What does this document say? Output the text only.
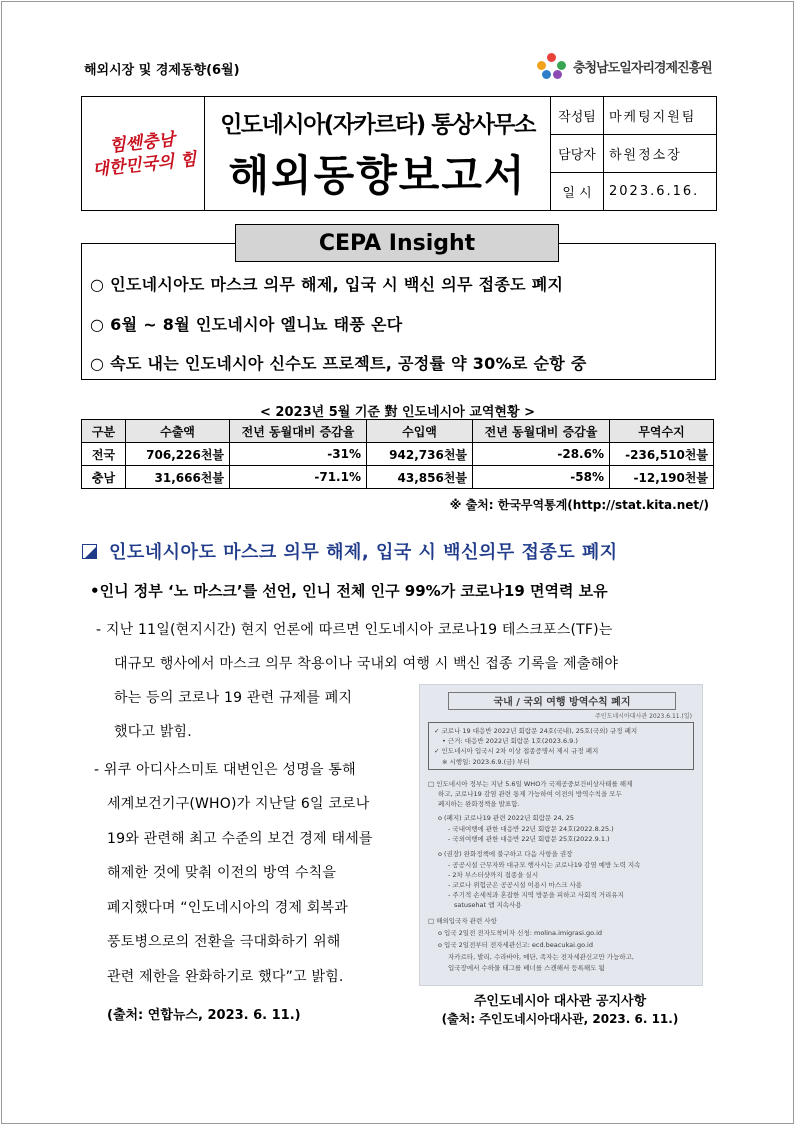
해외시장 및 경제동향(6월)	충청남도일자리경제진흥원
힘쎈충남
대한민국의 힘
인도네시아(자카르타) 통상사무소
해외동향보고서
작성팀	마케팅지원팀
담당자	하원정소장
일 시	2023.6.16.
CEPA Insight
○ 인도네시아도 마스크 의무 해제, 입국 시 백신 의무 접종도 폐지
○ 6월 ~ 8월 인도네시아 엘니뇨 태풍 온다
○ 속도 내는 인도네시아 신수도 프로젝트, 공정률 약 30%로 순항 중
< 2023년 5월 기준 對 인도네시아 교역현황 >
구분	수출액	전년 동월대비 증감율	수입액	전년 동월대비 증감율	무역수지
전국	706,226천불	-31%	942,736천불	-28.6%	-236,510천불
충남	31,666천불	-71.1%	43,856천불	-58%	-12,190천불
※ 출처: 한국무역통계(http://stat.kita.net/)
인도네시아도 마스크 의무 해제, 입국 시 백신의무 접종도 폐지
•인니 정부 ‘노 마스크’를 선언, 인니 전체 인구 99%가 코로나19 면역력 보유
- 지난 11일(현지시간) 현지 언론에 따르면 인도네시아 코로나19 테스크포스(TF)는
대규모 행사에서 마스크 의무 착용이나 국내외 여행 시 백신 접종 기록을 제출해야
하는 등의 코로나 19 관련 규제를 폐지
했다고 밝힘.
- 위쿠 아디사스미토 대변인은 성명을 통해
세계보건기구(WHO)가 지난달 6일 코로나
19와 관련해 최고 수준의 보건 경제 태세를
해제한 것에 맞춰 이전의 방역 수칙을
폐지했다며 “인도네시아의 경제 회복과
풍토병으로의 전환을 극대화하기 위해
관련 제한을 완화하기로 했다”고 밝힘.
(출처: 연합뉴스, 2023. 6. 11.)
국내 / 국외 여행 방역수칙 폐지
주인도네시아대사관 2023.6.11.(일)
✓ 코로나 19 대응반 2022년 회람문 24호(국내), 25호(국외) 규정 폐지
• 근거: 대응반 2022년 회람문 1호(2023.6.9.)
✓ 인도네시아 입국시 2차 이상 접종증명서 제시 규정 폐지
※ 시행일: 2023.6.9.(금) 부터
□ 인도네시아 정부는 지난 5.6일 WHO가 국제공중보건비상사태를 해제
하고, 코로나19 감염 관련 통제 가능하여 이전의 방역수칙을 모두
폐지하는 완화정책을 발표함.
o (폐지) 코로나19 관련 2022년 회람문 24, 25
- 국내여행에 관한 대응반 22년 회람문 24호(2022.8.25.)
- 국외여행에 관한 대응반 22년 회람문 25호(2022.9.1.)
o (권장) 완화정책에 불구하고 다음 사항을 권장
- 공공시설 근무자와 대규모 행사시는 코로나19 감염 예방 노력 지속
- 2차 부스터샷까지 접종을 실시
- 코로나 위험군은 공공시설 이용시 마스크 사용
- 주기적 손세척과 혼잡한 지역 방문을 피하고 사회적 거리유지
satusehat 앱 지속사용
□ 해외입국자 관련 사항
o 입국 2일전 전자도착비자 신청: molina.imigrasi.go.id
o 입국 2일전부터 전자세관신고: ecd.beacukai.go.id
자카르타, 발리, 수라바야, 메단, 족자는 전자세관신고만 가능하고,
입국장에서 수하물 태그를 배너를 스캔해서 등록해도 됨
주인도네시아 대사관 공지사항
(출처: 주인도네시아대사관, 2023. 6. 11.)
